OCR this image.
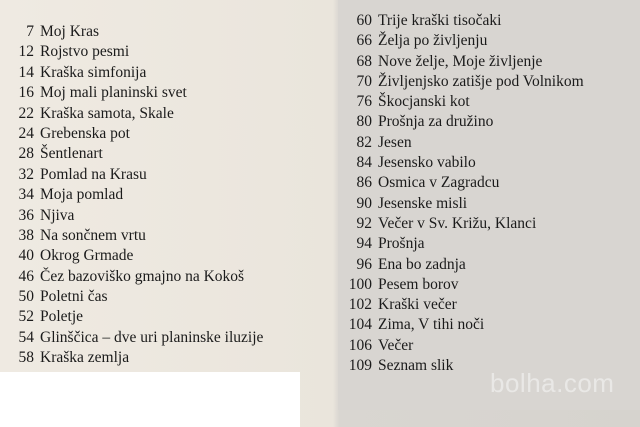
7 Moj Kras
12 Rojstvo pesmi
14 Kraška simfonija
16 Moj mali planinski svet
22 Kraška samota, Skale
24 Grebenska pot
28 Šentlenart
32 Pomlad na Krasu
34 Moja pomlad
36 Njiva
38 Na sončnem vrtu
40 Okrog Grmade
46 Čez bazoviško gmajno na Kokoš
50 Poletni čas
52 Poletje
54 Glinščica – dve uri planinske iluzije
58 Kraška zemlja
60 Trije kraški tisočaki
66 Želja po življenju
68 Nove želje, Moje življenje
70 Življenjsko zatišje pod Volnikom
76 Škocjanski kot
80 Prošnja za družino
82 Jesen
84 Jesensko vabilo
86 Osmica v Zagradcu
90 Jesenske misli
92 Večer v Sv. Križu, Klanci
94 Prošnja
96 Ena bo zadnja
100 Pesem borov
102 Kraški večer
104 Zima, V tihi noči
106 Večer
109 Seznam slik
bolha.com
